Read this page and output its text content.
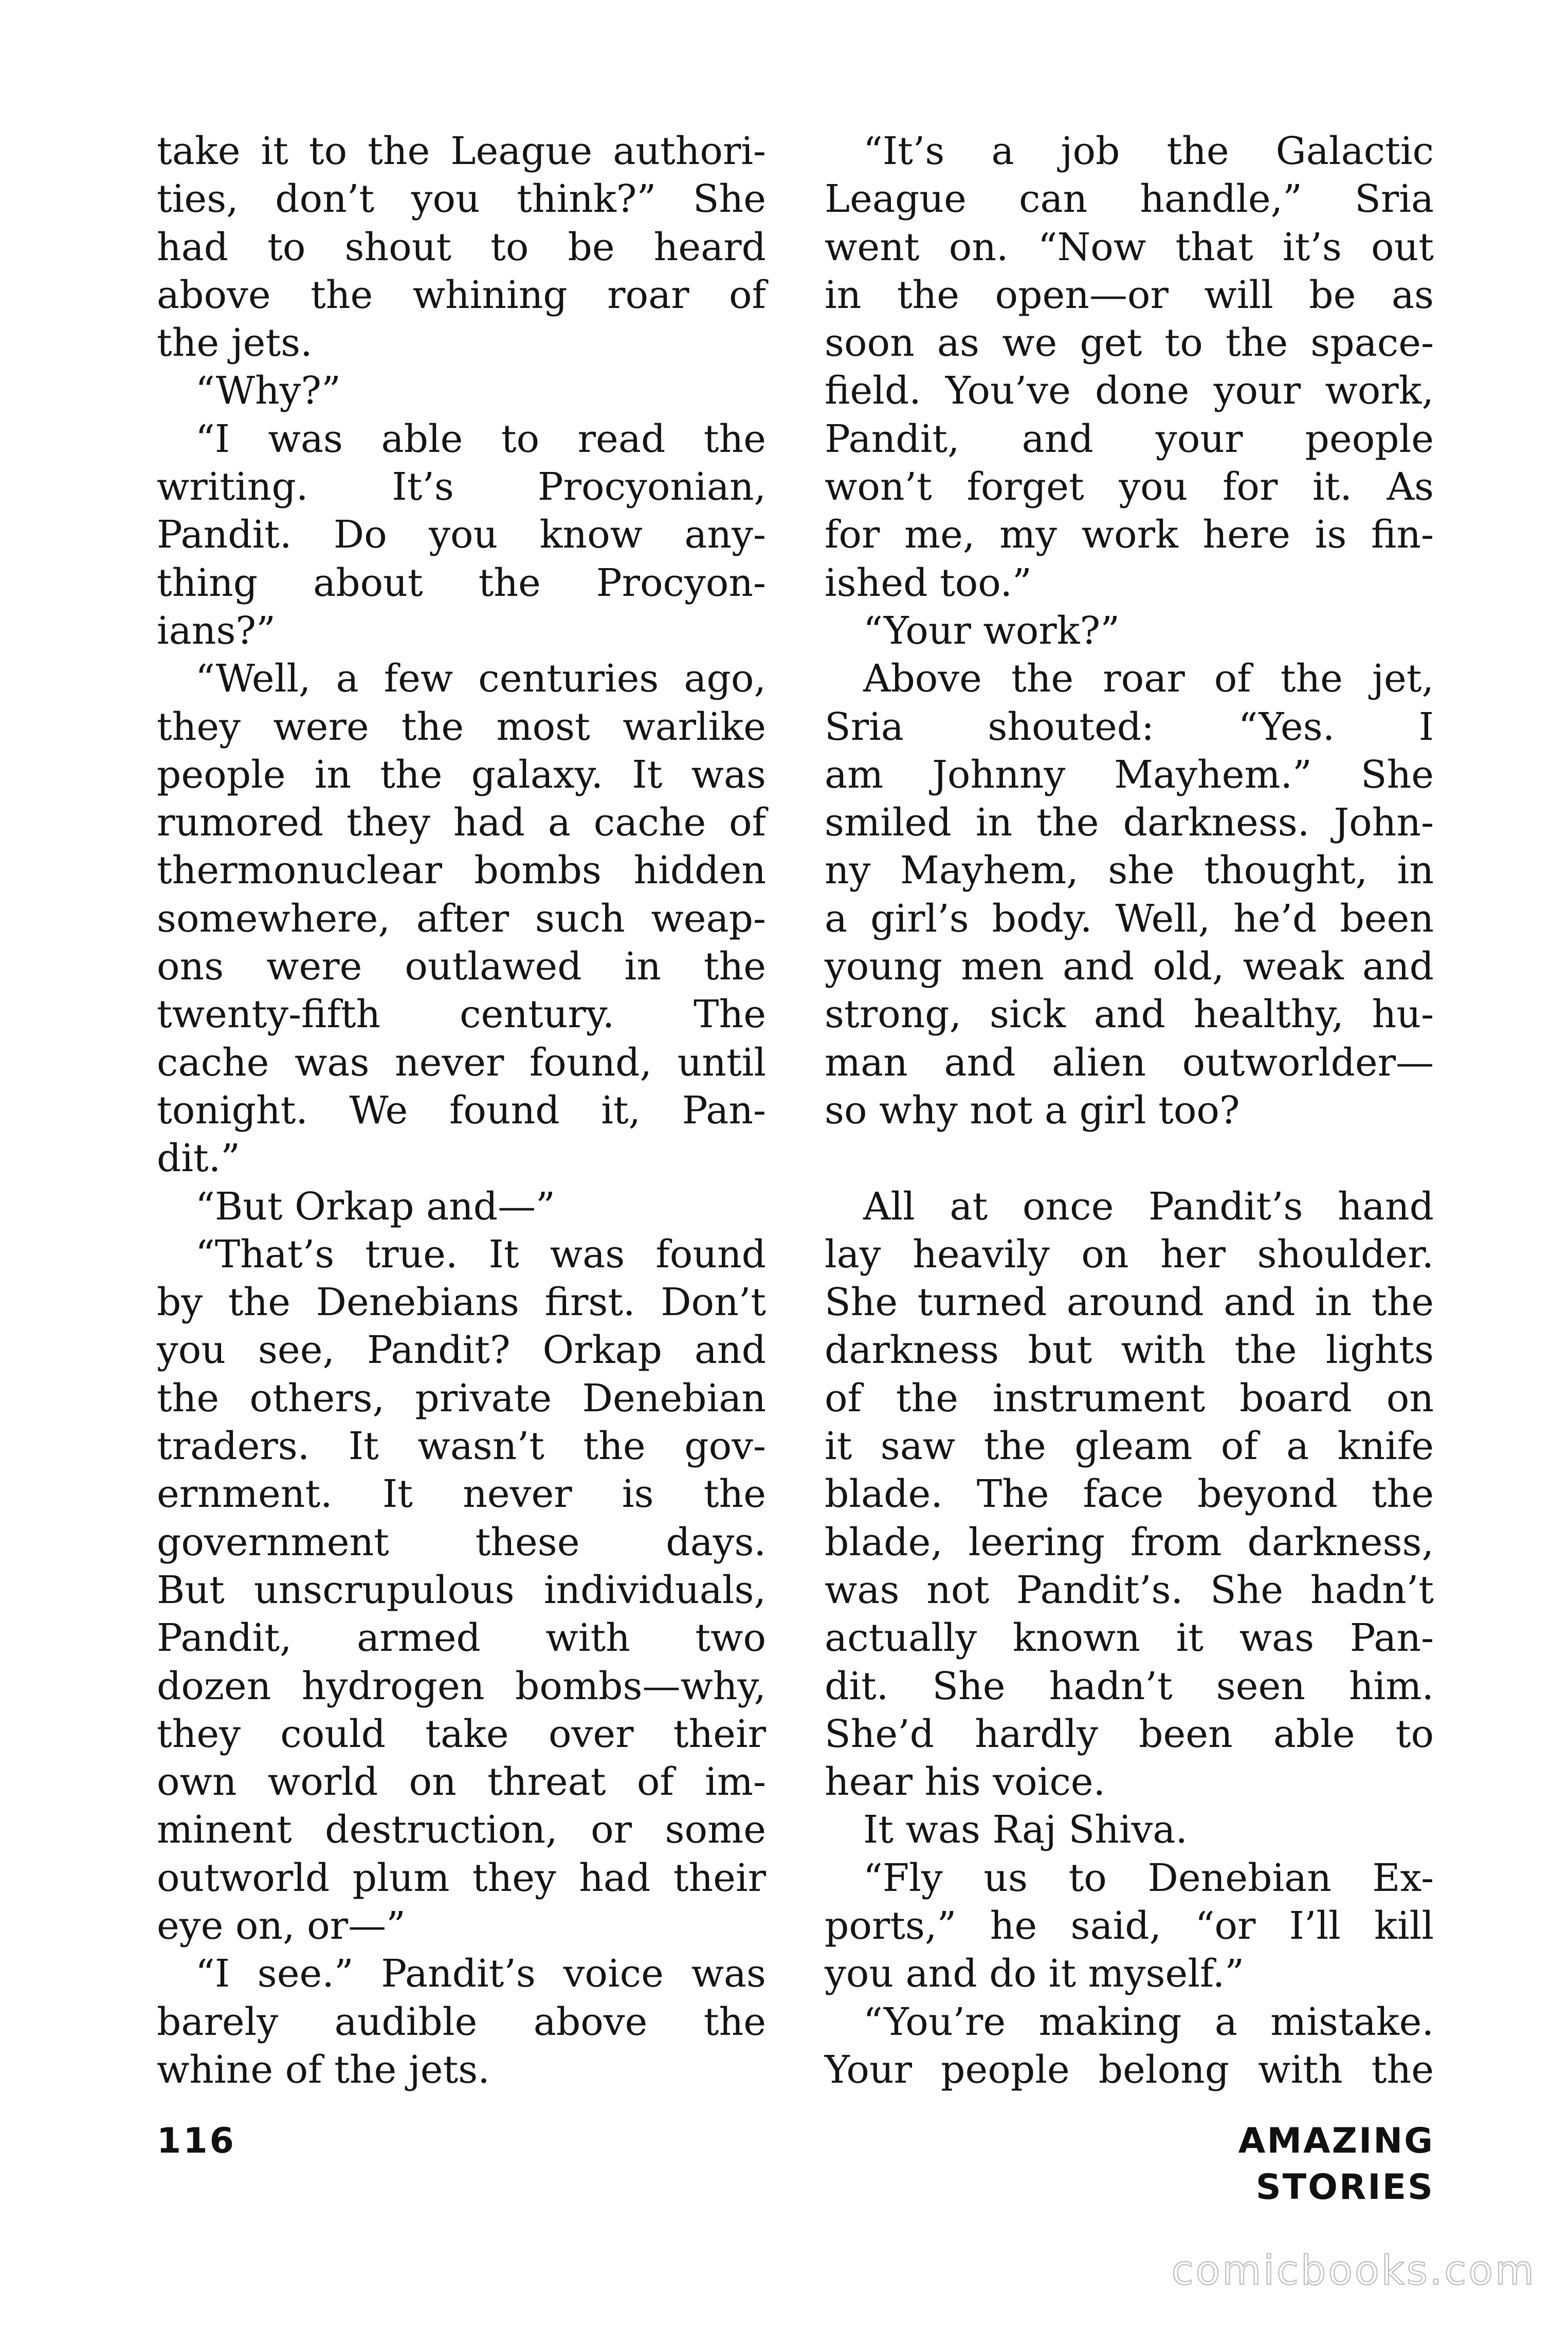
take it to the League authori-
ties, don’t you think?” She
had to shout to be heard
above the whining roar of
the jets.
“Why?”
“I was able to read the
writing. It’s Procyonian,
Pandit. Do you know any-
thing about the Procyon-
ians?”
“Well, a few centuries ago,
they were the most warlike
people in the galaxy. It was
rumored they had a cache of
thermonuclear bombs hidden
somewhere, after such weap-
ons were outlawed in the
twenty-fifth century. The
cache was never found, until
tonight. We found it, Pan-
dit.”
“But Orkap and—”
“That’s true. It was found
by the Denebians first. Don’t
you see, Pandit? Orkap and
the others, private Denebian
traders. It wasn’t the gov-
ernment. It never is the
government these days.
But unscrupulous individuals,
Pandit, armed with two
dozen hydrogen bombs—why,
they could take over their
own world on threat of im-
minent destruction, or some
outworld plum they had their
eye on, or—”
“I see.” Pandit’s voice was
barely audible above the
whine of the jets.
“It’s a job the Galactic
League can handle,” Sria
went on. “Now that it’s out
in the open—or will be as
soon as we get to the space-
field. You’ve done your work,
Pandit, and your people
won’t forget you for it. As
for me, my work here is fin-
ished too.”
“Your work?”
Above the roar of the jet,
Sria shouted: “Yes. I
am Johnny Mayhem.” She
smiled in the darkness. John-
ny Mayhem, she thought, in
a girl’s body. Well, he’d been
young men and old, weak and
strong, sick and healthy, hu-
man and alien outworlder—
so why not a girl too?
All at once Pandit’s hand
lay heavily on her shoulder.
She turned around and in the
darkness but with the lights
of the instrument board on
it saw the gleam of a knife
blade. The face beyond the
blade, leering from darkness,
was not Pandit’s. She hadn’t
actually known it was Pan-
dit. She hadn’t seen him.
She’d hardly been able to
hear his voice.
It was Raj Shiva.
“Fly us to Denebian Ex-
ports,” he said, “or I’ll kill
you and do it myself.”
“You’re making a mistake.
Your people belong with the
116	AMAZING STORIES
comicbooks.com
